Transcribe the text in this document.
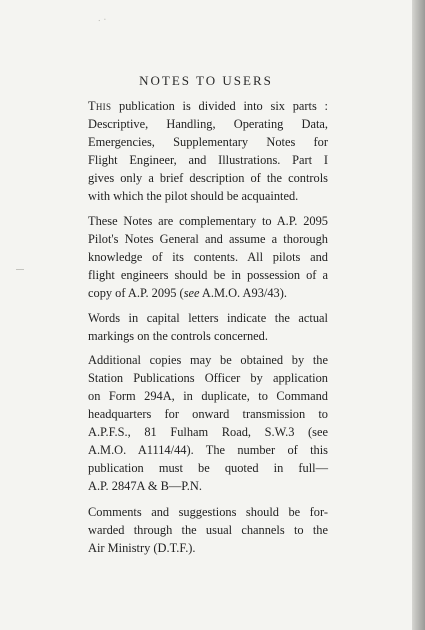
· ·
NOTES TO USERS
This publication is divided into six parts :
Descriptive, Handling, Operating Data,
Emergencies, Supplementary Notes for
Flight Engineer, and Illustrations. Part I
gives only a brief description of the controls
with which the pilot should be acquainted.
These Notes are complementary to A.P. 2095
Pilot's Notes General and assume a thorough
knowledge of its contents. All pilots and
flight engineers should be in possession of a
copy of A.P. 2095 (see A.M.O. A93/43).
Words in capital letters indicate the actual
markings on the controls concerned.
Additional copies may be obtained by the
Station Publications Officer by application
on Form 294A, in duplicate, to Command
headquarters for onward transmission to
A.P.F.S., 81 Fulham Road, S.W.3 (see
A.M.O. A1114/44). The number of this
publication must be quoted in full—
A.P. 2847A & B—P.N.
Comments and suggestions should be for-
warded through the usual channels to the
Air Ministry (D.T.F.).
